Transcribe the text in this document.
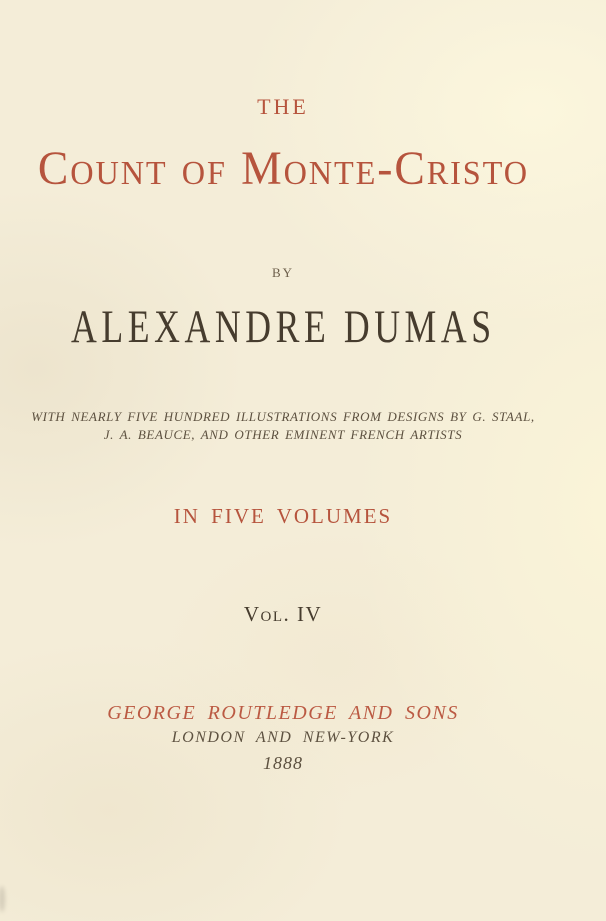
THE
Count of Monte-Cristo
BY
ALEXANDRE DUMAS
WITH NEARLY FIVE HUNDRED ILLUSTRATIONS FROM DESIGNS BY G. STAAL,
J. A. BEAUCE, AND OTHER EMINENT FRENCH ARTISTS
IN FIVE VOLUMES
Vol. IV
GEORGE ROUTLEDGE AND SONS
LONDON AND NEW-YORK
1888
